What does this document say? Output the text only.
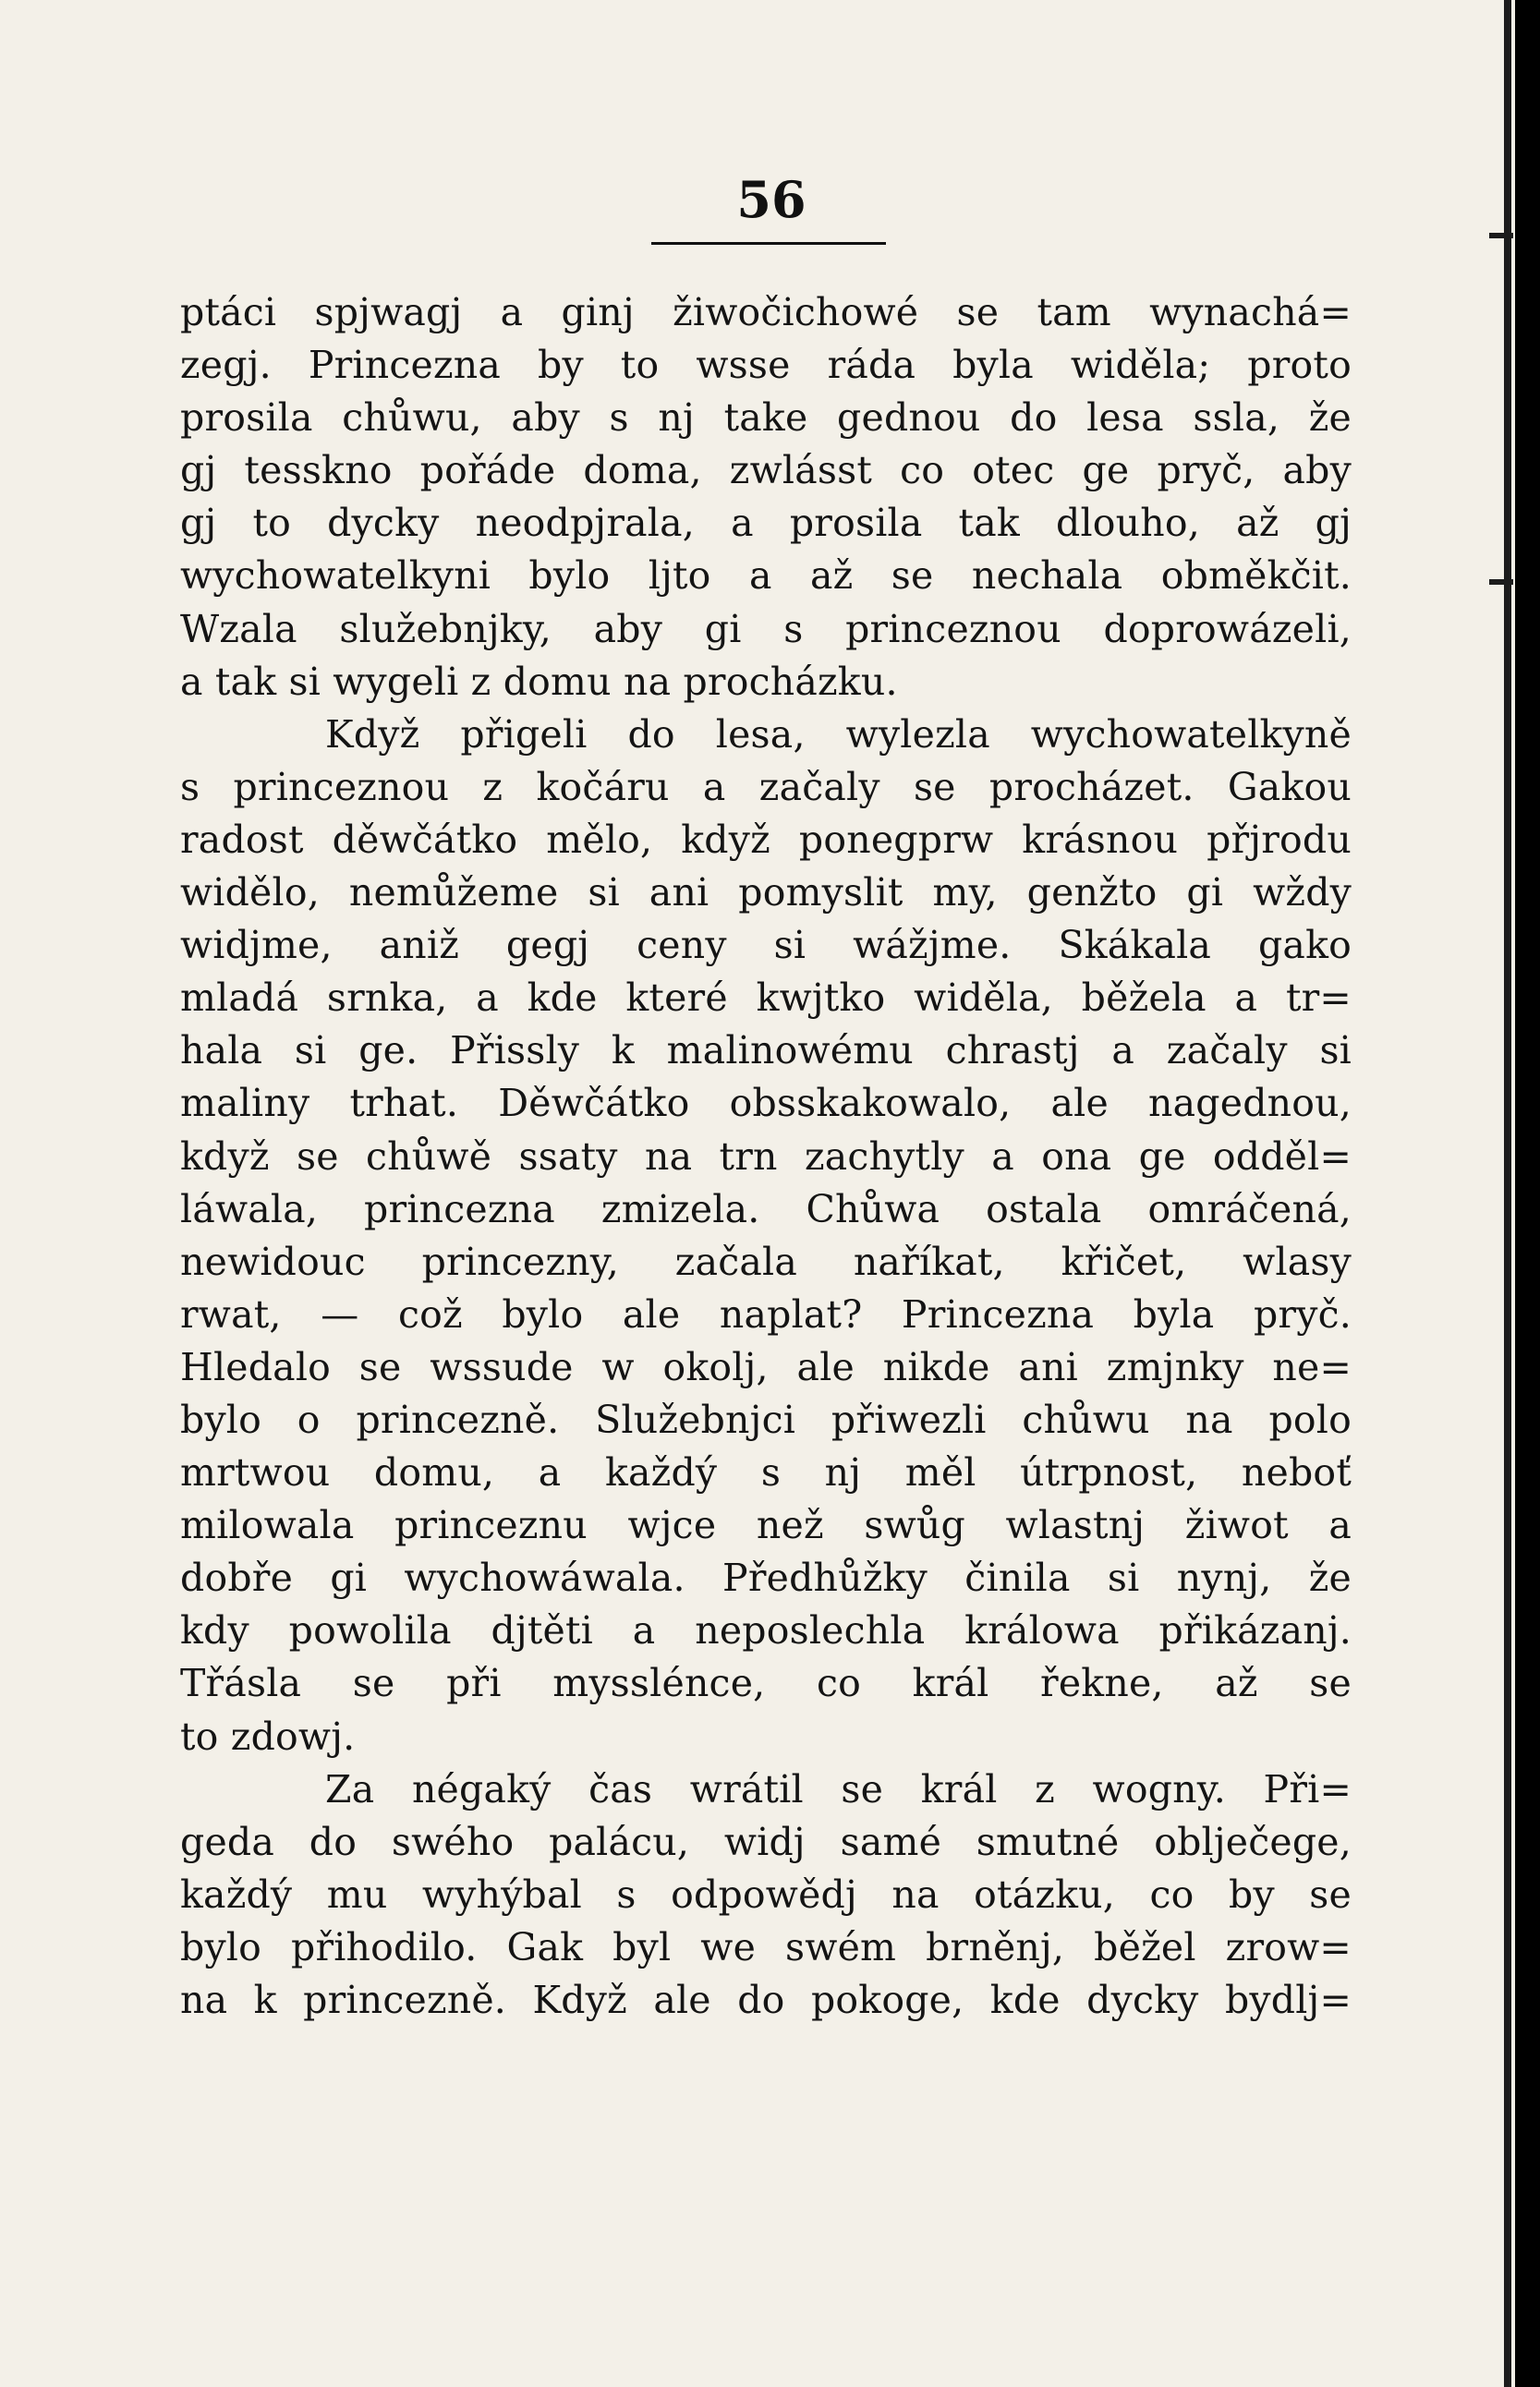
56
ptáci spjwagj a ginj žiwočichowé se tam wynachá=
zegj. Princezna by to wsse ráda byla widěla; proto
prosila chůwu, aby s nj take gednou do lesa ssla, že
gj tesskno pořáde doma, zwlásst co otec ge pryč, aby
gj to dycky neodpjrala, a prosila tak dlouho, až gj
wychowatelkyni bylo ljto a až se nechala obměkčit.
Wzala služebnjky, aby gi s princeznou doprowázeli,
a tak si wygeli z domu na procházku.
Když přigeli do lesa, wylezla wychowatelkyně
s princeznou z kočáru a začaly se procházet. Gakou
radost děwčátko mělo, když ponegprw krásnou přjrodu
widělo, nemůžeme si ani pomyslit my, genžto gi wždy
widjme, aniž gegj ceny si wážjme. Skákala gako
mladá srnka, a kde které kwjtko widěla, běžela a tr=
hala si ge. Přissly k malinowému chrastj a začaly si
maliny trhat. Děwčátko obsskakowalo, ale nagednou,
když se chůwě ssaty na trn zachytly a ona ge odděl=
láwala, princezna zmizela. Chůwa ostala omráčená,
newidouc princezny, začala naříkat, křičet, wlasy
rwat, — což bylo ale naplat? Princezna byla pryč.
Hledalo se wssude w okolj, ale nikde ani zmjnky ne=
bylo o princezně. Služebnjci přiwezli chůwu na polo
mrtwou domu, a každý s nj měl útrpnost, neboť
milowala princeznu wjce než swůg wlastnj žiwot a
dobře gi wychowáwala. Předhůžky činila si nynj, že
kdy powolila djtěti a neposlechla králowa přikázanj.
Třásla se při mysslénce, co král řekne, až se
to zdowj.
Za négaký čas wrátil se král z wogny. Při=
geda do swého palácu, widj samé smutné oblječege,
každý mu wyhýbal s odpowědj na otázku, co by se
bylo přihodilo. Gak byl we swém brněnj, běžel zrow=
na k princezně. Když ale do pokoge, kde dycky bydlj=
